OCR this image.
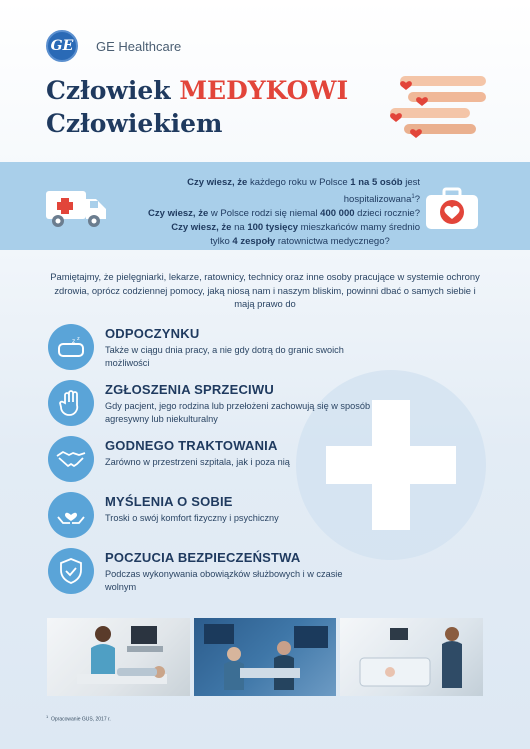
GE	GE Healthcare
Człowiek MEDYKOWI
Człowiekiem
Czy wiesz, że każdego roku w Polsce 1 na 5 osób jest hospitalizowana$^1$?
Czy wiesz, że w Polsce rodzi się niemal 400 000 dzieci rocznie?
Czy wiesz, że na 100 tysięcy mieszkańców mamy średnio
tylko 4 zespoły ratownictwa medycznego?

Pamiętajmy, że pielęgniarki, lekarze, ratownicy, technicy oraz inne osoby pracujące w systemie ochrony zdrowia, oprócz codziennej pomocy, jaką niosą nam i naszym bliskim, powinni dbać o samych siebie i mają prawo do

z z ODPOCZYNKU
Także w ciągu dnia pracy, a nie gdy dotrą do granic swoich możliwości
ZGŁOSZENIA SPRZECIWU
Gdy pacjent, jego rodzina lub przełożeni zachowują się w sposób agresywny lub niekulturalny
GODNEGO TRAKTOWANIA
Zarówno w przestrzeni szpitala, jak i poza nią
MYŚLENIA O SOBIE
Troski o swój komfort fizyczny i psychiczny
POCZUCIA BEZPIECZEŃSTWA
Podczas wykonywania obowiązków służbowych i w czasie wolnym
$^1$  Opracowanie GUS, 2017 r.
